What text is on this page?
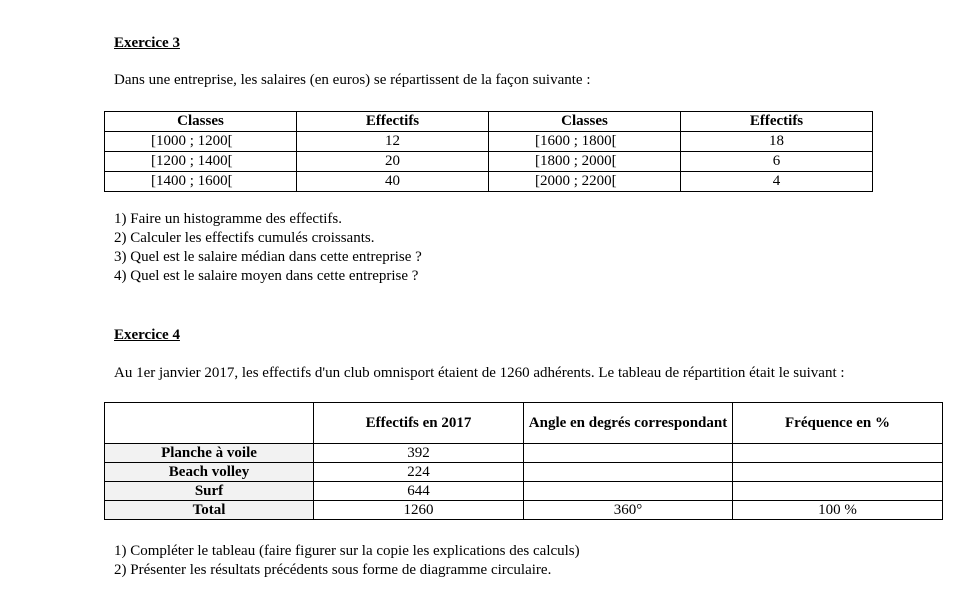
Exercice 3
Dans une entreprise, les salaires (en euros) se répartissent de la façon suivante :
Classes	Effectifs	Classes	Effectifs
[1000 ; 1200[	12	[1600 ; 1800[	18
[1200 ; 1400[	20	[1800 ; 2000[	6
[1400 ; 1600[	40	[2000 ; 2200[	4
1) Faire un histogramme des effectifs.
2) Calculer les effectifs cumulés croissants.
3) Quel est le salaire médian dans cette entreprise ?
4) Quel est le salaire moyen dans cette entreprise ?
Exercice 4
Au 1er janvier 2017, les effectifs d'un club omnisport étaient de 1260 adhérents. Le tableau de répartition était le suivant :
	Effectifs en 2017	Angle en degrés correspondant	Fréquence en %
Planche à voile	392		
Beach volley	224		
Surf	644		
Total	1260	360°	100 %
1) Compléter le tableau (faire figurer sur la copie les explications des calculs)
2) Présenter les résultats précédents sous forme de diagramme circulaire.
